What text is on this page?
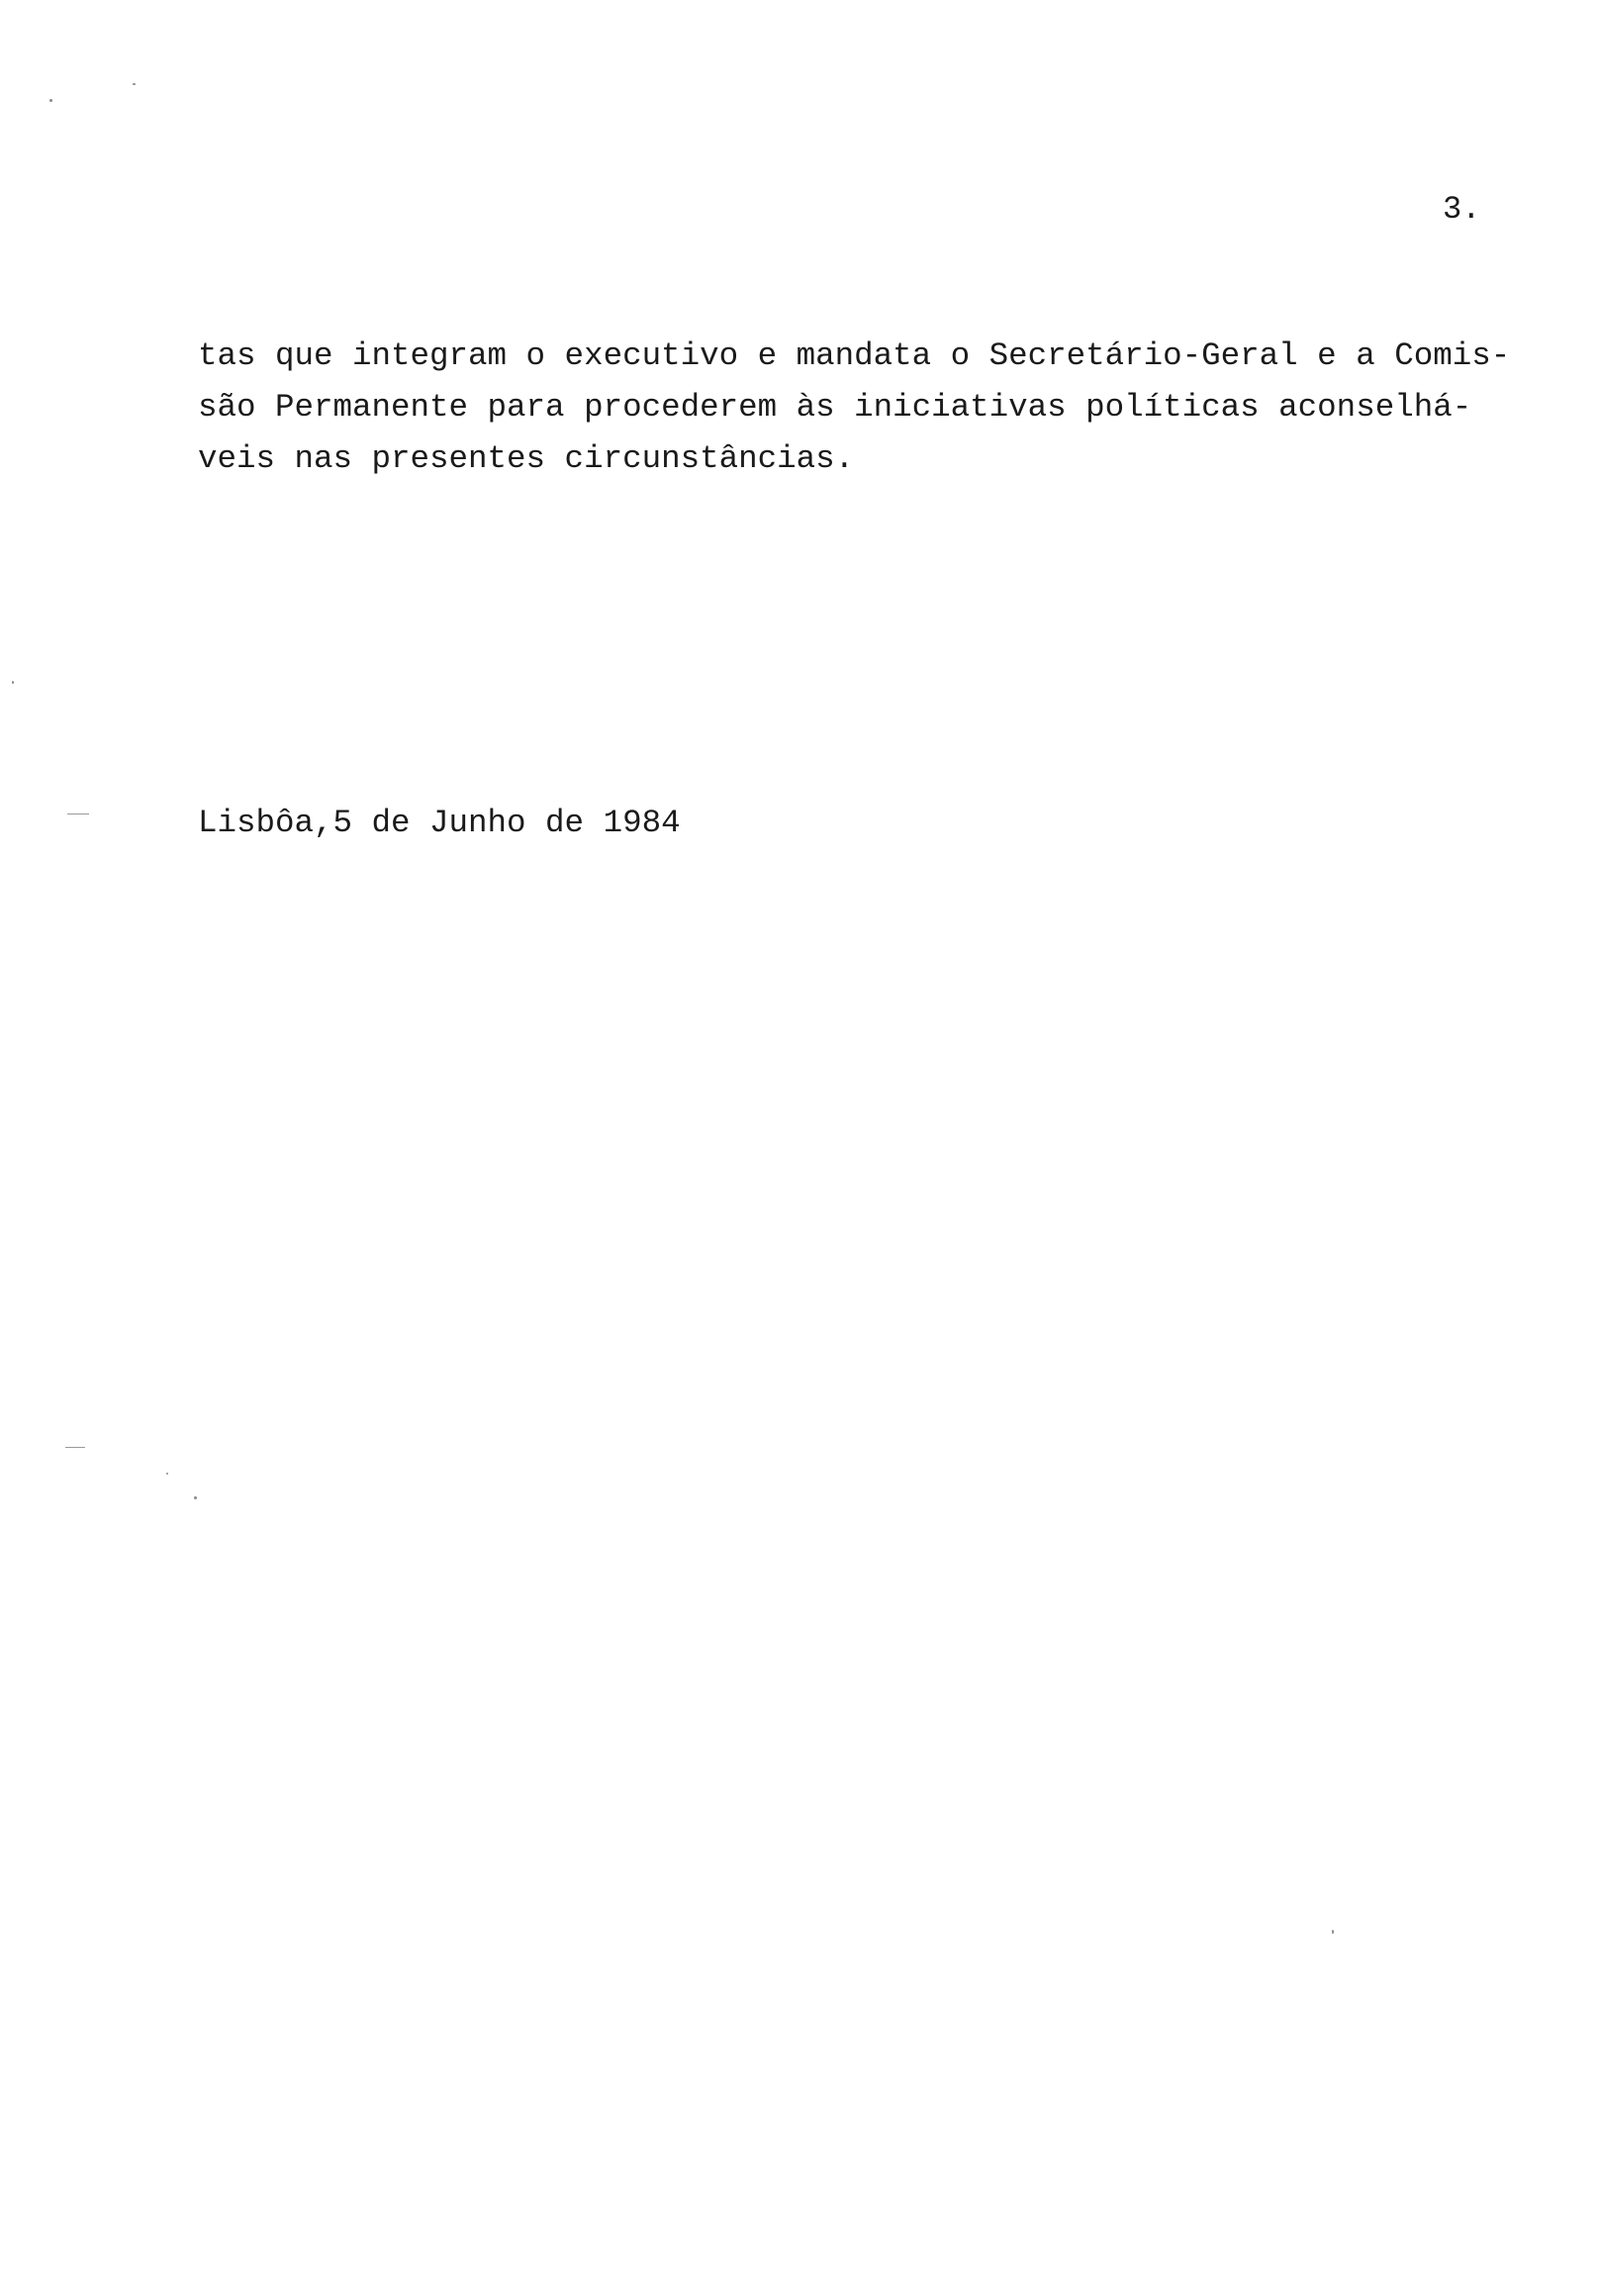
3.
tas que integram o executivo e mandata o Secretário-Geral e a Comis-
são Permanente para procederem às iniciativas políticas aconselhá-
veis nas presentes circunstâncias.
Lisbôa,5 de Junho de 1984
